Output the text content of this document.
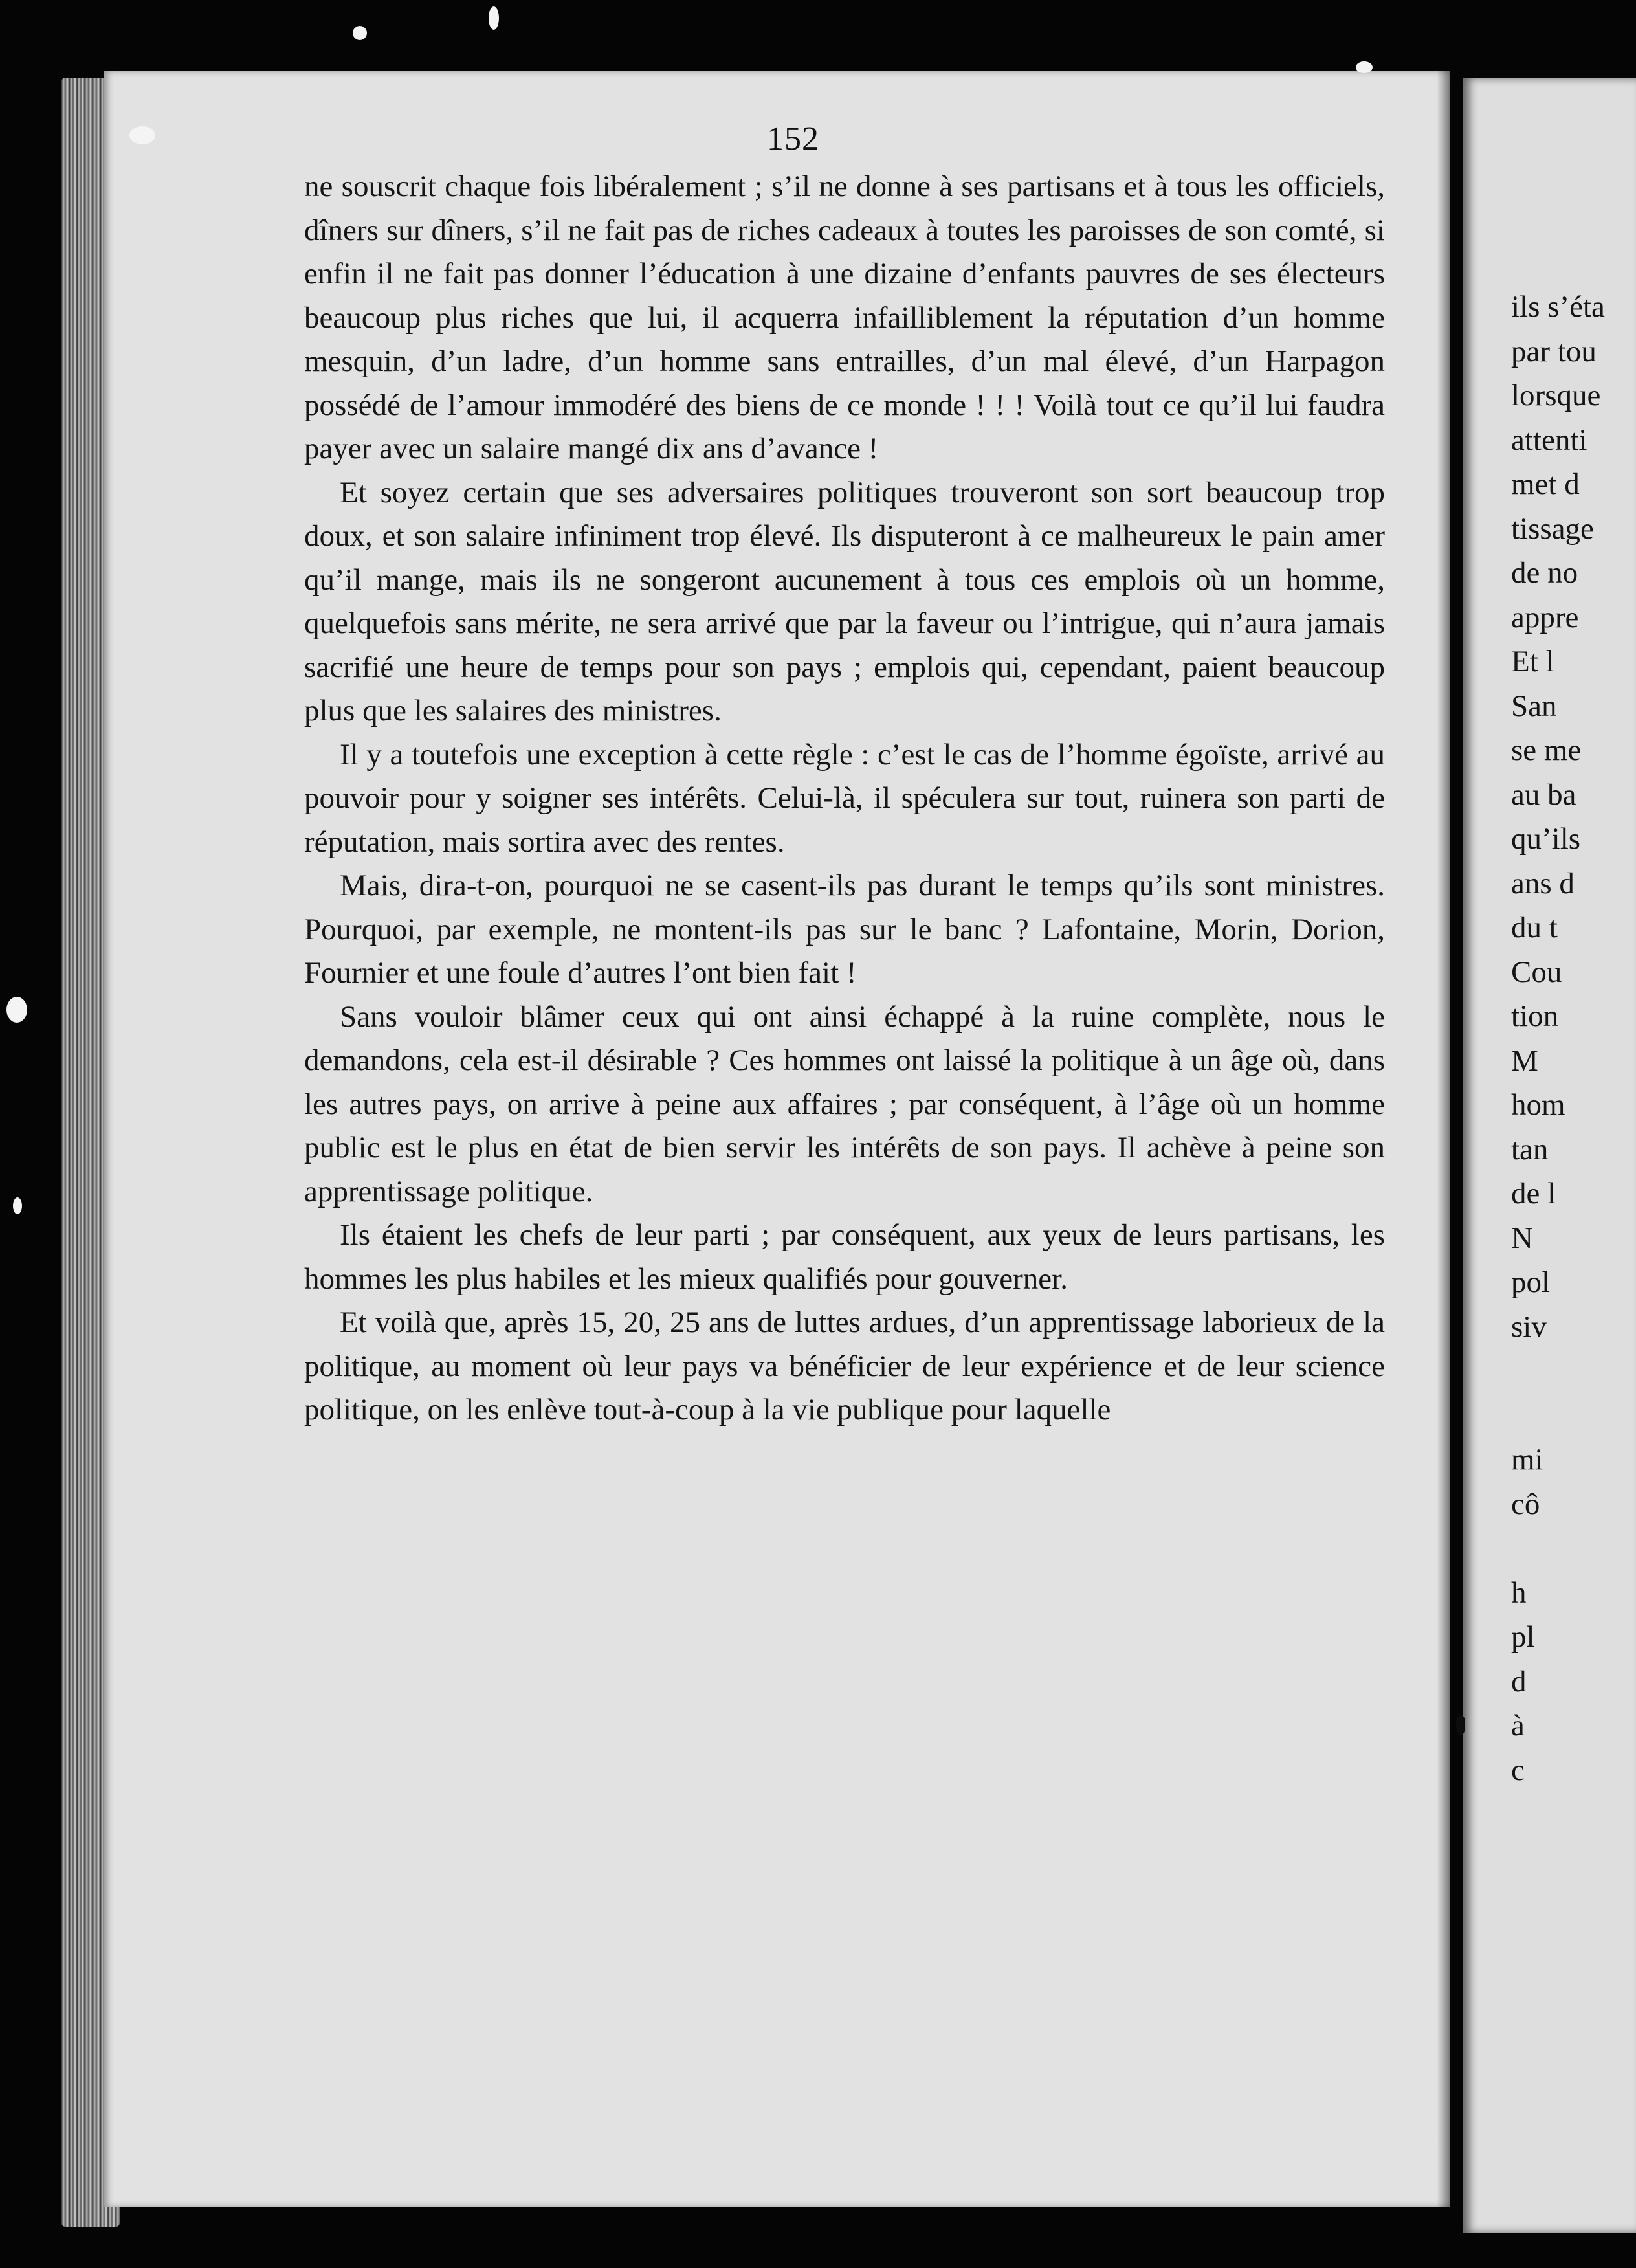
152

ne souscrit chaque fois libéralement ; s’il ne donne à ses partisans et à tous les officiels, dîners sur dîners, s’il ne fait pas de riches cadeaux à toutes les paroisses de son comté, si enfin il ne fait pas donner l’éducation à une dizaine d’enfants pauvres de ses électeurs beaucoup plus riches que lui, il acquerra infailliblement la réputation d’un homme mesquin, d’un ladre, d’un homme sans entrailles, d’un mal élevé, d’un Harpagon possédé de l’amour immodéré des biens de ce monde ! ! ! Voilà tout ce qu’il lui faudra payer avec un salaire mangé dix ans d’avance !

Et soyez certain que ses adversaires politiques trouveront son sort beaucoup trop doux, et son salaire infiniment trop élevé. Ils disputeront à ce malheureux le pain amer qu’il mange, mais ils ne songeront aucunement à tous ces emplois où un homme, quelquefois sans mérite, ne sera arrivé que par la faveur ou l’intrigue, qui n’aura jamais sacrifié une heure de temps pour son pays ; emplois qui, cependant, paient beaucoup plus que les salaires des ministres.

Il y a toutefois une exception à cette règle : c’est le cas de l’homme égoïste, arrivé au pouvoir pour y soigner ses intérêts. Celui-là, il spéculera sur tout, ruinera son parti de réputation, mais sortira avec des rentes.

Mais, dira-t-on, pourquoi ne se casent-ils pas durant le temps qu’ils sont ministres. Pourquoi, par exemple, ne montent-ils pas sur le banc ? Lafontaine, Morin, Dorion, Fournier et une foule d’autres l’ont bien fait !

Sans vouloir blâmer ceux qui ont ainsi échappé à la ruine complète, nous le demandons, cela est-il désirable ? Ces hommes ont laissé la politique à un âge où, dans les autres pays, on arrive à peine aux affaires ; par conséquent, à l’âge où un homme public est le plus en état de bien servir les intérêts de son pays. Il achève à peine son apprentissage politique.

Ils étaient les chefs de leur parti ; par conséquent, aux yeux de leurs partisans, les hommes les plus habiles et les mieux qualifiés pour gouverner.

Et voilà que, après 15, 20, 25 ans de luttes ardues, d’un apprentissage laborieux de la politique, au moment où leur pays va bénéficier de leur expérience et de leur science politique, on les enlève tout-à-coup à la vie publique pour laquelle

ils s’éta
par tou
lorsque
attenti
met d
tissage
de no
appre
Et l
San
se me
au ba
qu’ils
ans d
du t
Cou
tion
M
hom
tan
de l
N
pol
siv
mi
cô
h
pl
d
à
c
